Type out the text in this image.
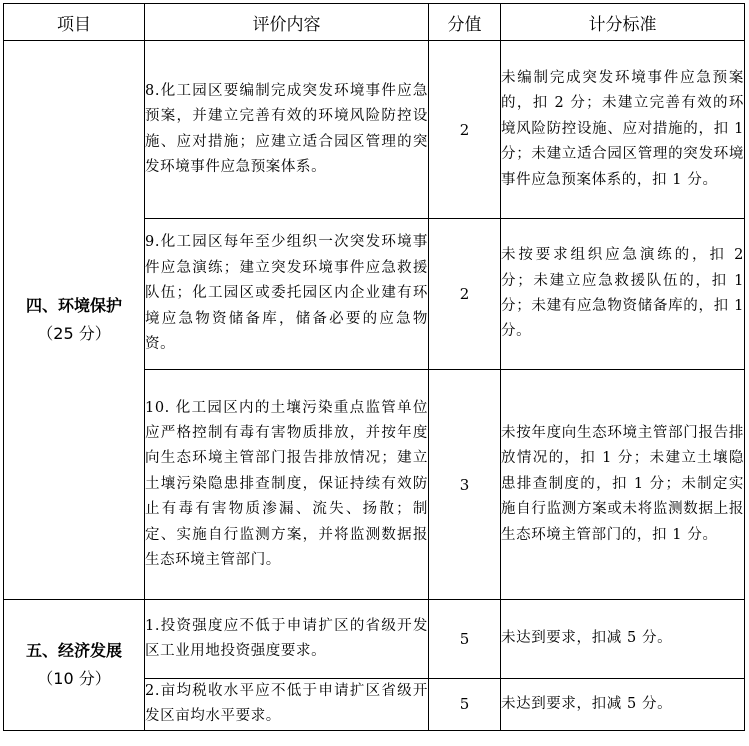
项目	评价内容	分值	计分标准

四、环境保护
（25 分）	8.化工园区要编制完成突发环境事件应急预案，并建立完善有效的环境风险防控设施、应对措施；应建立适合园区管理的突发环境事件应急预案体系。	2	未编制完成突发环境事件应急预案的，扣 2 分；未建立完善有效的环境风险防控设施、应对措施的，扣 1 分；未建立适合园区管理的突发环境事件应急预案体系的，扣 1 分。
	9.化工园区每年至少组织一次突发环境事件应急演练；建立突发环境事件应急救援队伍；化工园区或委托园区内企业建有环境应急物资储备库，储备必要的应急物资。	2	未按要求组织应急演练的，扣 2 分；未建立应急救援队伍的，扣 1 分；未建有应急物资储备库的，扣 1 分。
	10. 化工园区内的土壤污染重点监管单位应严格控制有毒有害物质排放，并按年度向生态环境主管部门报告排放情况；建立土壤污染隐患排查制度，保证持续有效防止有毒有害物质渗漏、流失、扬散；制定、实施自行监测方案，并将监测数据报生态环境主管部门。	3	未按年度向生态环境主管部门报告排放情况的，扣 1 分；未建立土壤隐患排查制度的，扣 1 分；未制定实施自行监测方案或未将监测数据上报生态环境主管部门的，扣 1 分。

五、经济发展
（10 分）	1.投资强度应不低于申请扩区的省级开发区工业用地投资强度要求。	5	未达到要求，扣减 5 分。
	2.亩均税收水平应不低于申请扩区省级开发区亩均水平要求。	5	未达到要求，扣减 5 分。
